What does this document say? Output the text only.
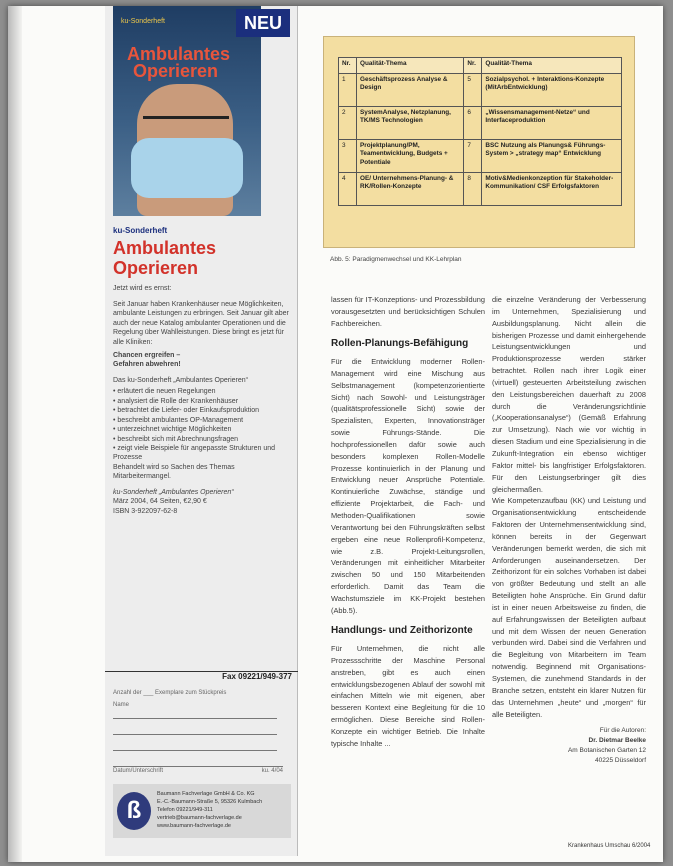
ku-Sonderheft
Ambulantes
Operieren
NEU
ku-Sonderheft
Ambulantes
Operieren
Jetzt wird es ernst:
Seit Januar haben Krankenhäuser neue Möglichkeiten, ambulante Leistungen zu erbringen. Seit Januar gilt aber auch der neue Katalog ambulanter Operationen und die Regelung über Wahlleistungen. Diese bringt es jetzt für alle Kliniken:
Chancen ergreifen –
Gefahren abwehren!
Das ku-Sonderheft „Ambulantes Operieren“
• erläutert die neuen Regelungen
• analysiert die Rolle der Krankenhäuser
• betrachtet die Liefer- oder Einkaufsproduktion
• beschreibt ambulantes OP-Management
• unterzeichnet wichtige Möglichkeiten
• beschreibt sich mit Abrechnungsfragen
• zeigt viele Beispiele für angepasste Strukturen und Prozesse
Behandelt wird so Sachen des Themas Mitarbeitermangel.
ku-Sonderheft „Ambulantes Operieren“
März 2004, 64 Seiten, €2,90 €
ISBN 3-922097-62-8
Fax 09221/949-377
Anzahl der ___ Exemplare zum Stückpreis
Name
Datum/Unterschrift	ku. 4/04
ß
Baumann Fachverlage GmbH & Co. KG
E.-C.-Baumann-Straße 5, 95326 Kulmbach
Telefon 09221/949-311
vertrieb@baumann-fachverlage.de
www.baumann-fachverlage.de
Nr.	Qualität-Thema	Nr.	Qualität-Thema
1	Geschäftsprozess Analyse & Design	5	Sozialpsychol. + Interaktions-Konzepte (MitArbEntwicklung)
2	SystemAnalyse, Netzplanung, TK/MS Technologien	6	„Wissensmanagement-Netze“ und Interfaceproduktion
3	Projektplanung/PM, Teamentwicklung, Budgets + Potentiale	7	BSC Nutzung als Planungs& Führungs-System > „strategy map“ Entwicklung
4	OE/ Unternehmens-Planung- & RK/Rollen-Konzepte	8	Motiv&Medienkonzeption für Stakeholder- Kommunikation/ CSF Erfolgsfaktoren
Abb. 5: Paradigmenwechsel und KK-Lehrplan

lassen für IT-Konzeptions- und Prozessbildung vorausgesetzten und berücksichtigen Schulen Fachbereichen.

Rollen-Planungs-Befähigung

Für die Entwicklung moderner Rollen-Management wird eine Mischung aus Selbstmanagement (kompetenzorientierte Sicht) nach Sowohl- und Leistungsträger (qualitätsprofessionelle Sicht) sowie der Spezialisten, Experten, Innovationsträger sowie Führungs-Stände. Die hochprofessionellen dafür sowie auch besonders komplexen Rollen-Modelle Prozesse kontinuierlich in der Planung und Entwicklung neuer Ansprüche Potentiale. Kontinuierliche Zuwächse, ständige und effiziente Projektarbeit, die Fach- und Methoden-Qualifikationen sowie Verantwortung bei den Führungskräften selbst ergeben eine neue Rollenprofil-Kompetenz, wie z.B. Projekt-Leitungsrollen, Veränderungen mit einheitlicher Mitarbeiter zwischen 50 und 150 Mitarbeitenden erforderlich. Damit das Team die Wachstumsziele im KK-Projekt bestehen (Abb.5).

Handlungs- und Zeithorizonte

Für Unternehmen, die nicht alle Prozessschritte der Maschine Personal anstreben, gibt es auch einen entwicklungsbezogenen Ablauf der sowohl mit einfachen Mitteln wie mit eigenen, aber besseren Kontext eine Begleitung für die 10 ermöglichen. Diese Bereiche sind Rollen-Konzepte ein wichtiger Betrieb. Die Inhalte typische Inhalte ...

die einzelne Veränderung der Verbesserung im Unternehmen, Spezialisierung und Ausbildungsplanung. Nicht allein die bisherigen Prozesse und damit einhergehende Leistungsentwicklungen und Produktionsprozesse werden stärker betrachtet. Rollen nach ihrer Logik einer (virtuell) gesteuerten Arbeitsteilung zwischen den Leistungsbereichen dauerhaft zu 2008 durch die Veränderungsrichtlinie („Kooperationsanalyse“) (Gemäß Erfahrung zur Umsetzung). Nach wie vor wichtig in diesen Stadium und eine Spezialisierung in die Zukunft-Integration ein ebenso wichtiger Faktor mittel- bis langfristiger Erfolgsfaktoren. Für den Leistungserbringer gilt dies gleichermaßen.

Wie Kompetenzaufbau (KK) und Leistung und Organisationsentwicklung entscheidende Faktoren der Unternehmensentwicklung sind, können bereits in der Gegenwart Veränderungen bemerkt werden, die sich mit Anforderungen auseinandersetzen. Der Zeithorizont für ein solches Vorhaben ist dabei von größter Bedeutung und stellt an alle Beteiligten hohe Ansprüche. Ein Grund dafür ist in einer neuen Arbeitsweise zu finden, die auf Erfahrungswissen der Beteiligten aufbaut und mit dem Wissen der neuen Generation verbunden wird. Dabei sind die Verfahren und die Begleitung von Mitarbeitern im Team notwendig. Beginnend mit Organisations-Systemen, die zunehmend Standards in der Branche setzen, entsteht ein klarer Nutzen für das Unternehmen „heute“ und „morgen“ für alle Beteiligten.

Für die Autoren:
Dr. Dietmar Beelke
Am Botanischen Garten 12
40225 Düsseldorf
Krankenhaus Umschau 6/2004
